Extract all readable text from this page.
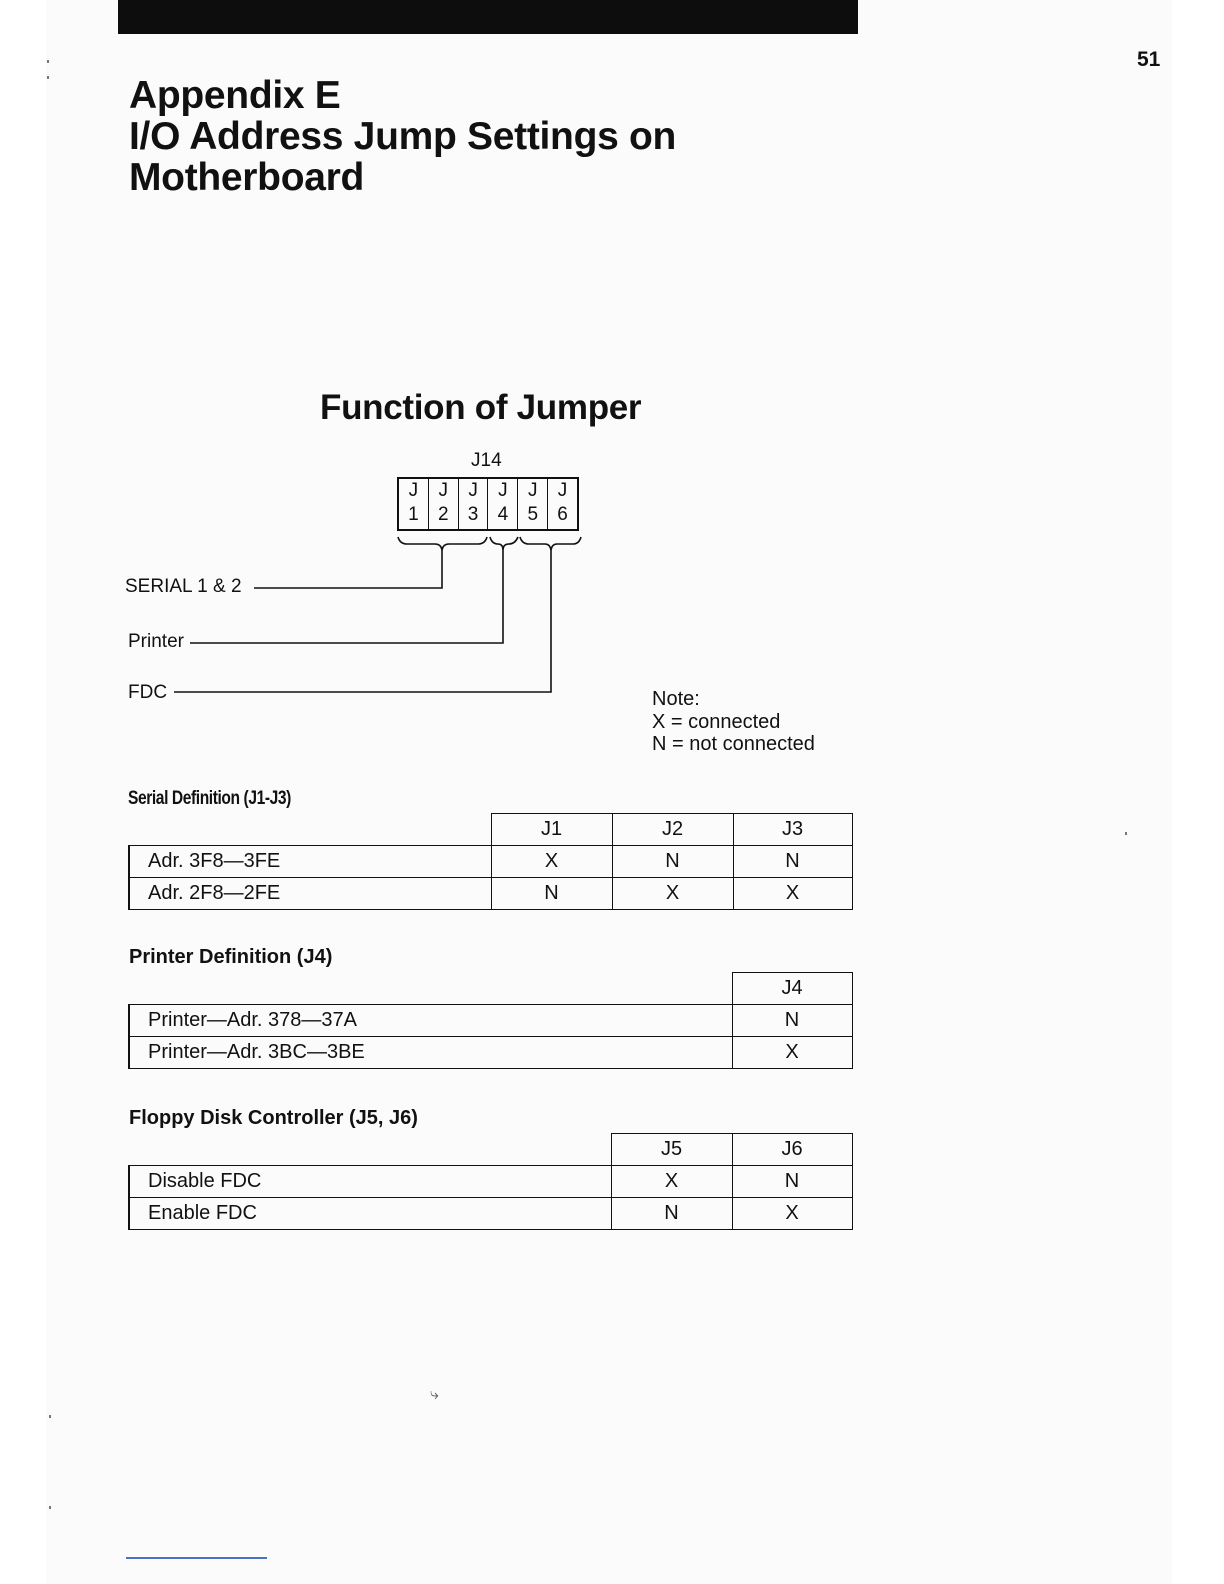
51
Appendix E
I/O Address Jump Settings on
Motherboard
Function of Jumper
J14
J
1
J
2
J
3
J
4
J
5
J
6
SERIAL 1 & 2
Printer
FDC	Note:
X = connected
N = not connected
Serial Definition (J1-J3)
	J1	J2	J3
Adr. 3F8—3FE	X	N	N
Adr. 2F8—2FE	N	X	X
Printer Definition (J4)
	J4
Printer—Adr. 378—37A	N
Printer—Adr. 3BC—3BE	X
Floppy Disk Controller (J5, J6)
	J5	J6
Disable FDC	X	N
Enable FDC	N	X
⤷
